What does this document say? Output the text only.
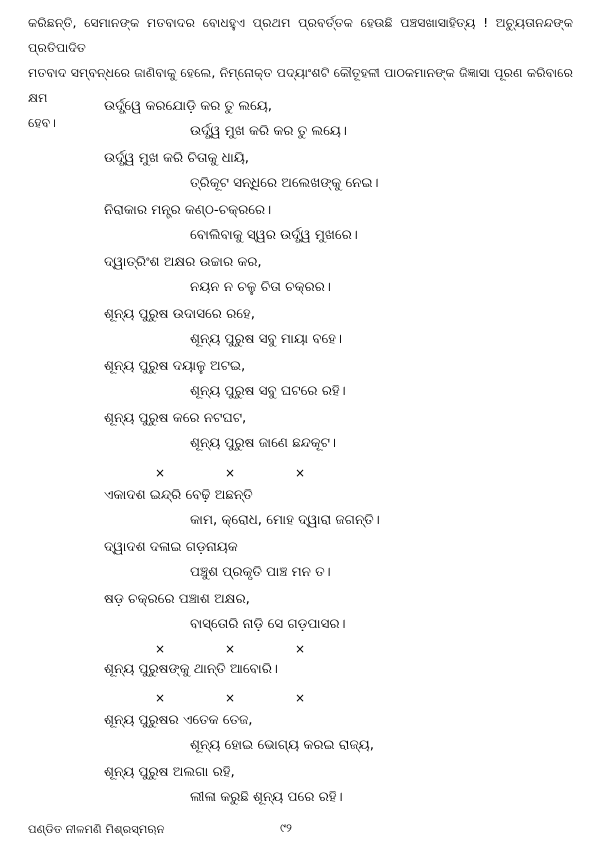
କରିଛନ୍ତି, ସେମାନଙ୍କ ମତବାଦର ବୋଧହୁଏ ପ୍ରଥମ ପ୍ରବର୍ତ୍ତକ ହେଉଛି ପଞ୍ଚସଖାସାହିତ୍ୟ ! ଅଚ୍ୟୁତାନନ୍ଦଙ୍କ ପ୍ରତିପାଦିତ
ମତବାଦ ସମ୍ବନ୍ଧରେ ଜାଣିବାକୁ ହେଲେ, ନିମ୍ନୋକ୍ତ ପଦ୍ୟାଂଶଟି କୌତୂହଳୀ ପାଠକମାନଙ୍କ ଜିଜ୍ଞାସା ପୂରଣ କରିବାରେ କ୍ଷମ
ହେବ।

ଉର୍ଦ୍ଧ୍ୱେ କରଯୋଡ଼ି କର ତୁ ଲୟେ,

ଉର୍ଦ୍ଧ୍ୱ ମୁଖ କରି କର ତୁ ଲୟେ।

ଉର୍ଦ୍ଧ୍ୱ ମୁଖ କରି ଚିତାକୁ ଧାୟି,

ତ୍ରିକୂଟ ସନ୍ଧିରେ ଅଲେଖଙ୍କୁ ନେଇ।

ନିରାକାର ମନ୍ତ୍ର କଣ୍ଠ-ଚକ୍ରରେ।

ବୋଲିବାକୁ ସ୍ୱର ଉର୍ଦ୍ଧ୍ୱ ମୁଖରେ।

ଦ୍ୱାତ୍ରିଂଶ ଅକ୍ଷର ଉଚ୍ଚାର କର,

ନୟନ ନ ଚଳୁ ଚିତା ଚକ୍ରର।

ଶୂନ୍ୟ ପୁରୁଷ ଉଦାସରେ ରହେ,

ଶୂନ୍ୟ ପୁରୁଷ ସବୁ ମାୟା ବହେ।

ଶୂନ୍ୟ ପୁରୁଷ ଦୟାଳୁ ଅଟଇ,

ଶୂନ୍ୟ ପୁରୁଷ ସବୁ ଘଟରେ ରହି।

ଶୂନ୍ୟ ପୁରୁଷ କରେ ନଟଘଟ,

ଶୂନ୍ୟ ପୁରୁଷ ଜାଣେ ଛନ୍ଦକୂଟ।

×	×	×

ଏକାଦଶ ଇନ୍ଦ୍ରି ବେଢ଼ି ଅଛନ୍ତି

କାମ, କ୍ରୋଧ, ମୋହ ଦ୍ୱାରା ଜଗନ୍ତି।

ଦ୍ୱାଦଶ ଦଳାଇ ଗଡ଼ନାୟକ

ପଞ୍ଚୁଶ ପ୍ରକୃତି ପାଞ୍ଚ ମନ ତ।

ଷଡ଼ ଚକ୍ରରେ ପଞ୍ଚାଶ ଅକ୍ଷର,

ବାସ୍ତୋରି ନାଡ଼ି ସେ ଗଡ଼ପାସର।

×	×	×

ଶୂନ୍ୟ ପୁରୁଷଙ୍କୁ ଥାନ୍ତି ଆବୋରି।

×	×	×

ଶୂନ୍ୟ ପୁରୁଷର ଏତେକ ତେଜ,

ଶୂନ୍ୟ ହୋଇ ଭୋଗ୍ୟ କରଇ ରାଜ୍ୟ,

ଶୂନ୍ୟ ପୁରୁଷ ଅଲଗା ରହି,

ଲୀଳା କରୁଛି ଶୂନ୍ୟ ପରେ ରହି।

ପଣ୍ଡିତ ନୀଳମଣି ମିଶ୍ରସ୍ମଋନ	୯୨
